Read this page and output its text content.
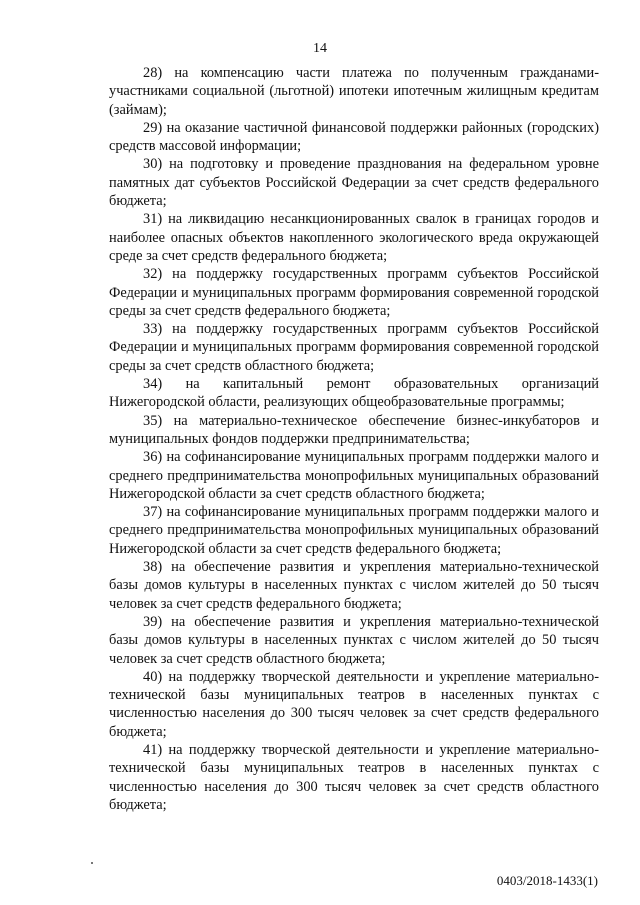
14

28) на компенсацию части платежа по полученным гражданами-участниками социальной (льготной) ипотеки ипотечным жилищным кредитам (займам);

29) на оказание частичной финансовой поддержки районных (городских) средств массовой информации;

30) на подготовку и проведение празднования на федеральном уровне памятных дат субъектов Российской Федерации за счет средств федерального бюджета;

31) на ликвидацию несанкционированных свалок в границах городов и наиболее опасных объектов накопленного экологического вреда окружающей среде за счет средств федерального бюджета;

32) на поддержку государственных программ субъектов Российской Федерации и муниципальных программ формирования современной городской среды за счет средств федерального бюджета;

33) на поддержку государственных программ субъектов Российской Федерации и муниципальных программ формирования современной городской среды за счет средств областного бюджета;

34) на капитальный ремонт образовательных организаций Нижегородской области, реализующих общеобразовательные программы;

35) на материально-техническое обеспечение бизнес-инкубаторов и муниципальных фондов поддержки предпринимательства;

36) на софинансирование муниципальных программ поддержки малого и среднего предпринимательства монопрофильных муниципальных образований Нижегородской области за счет средств областного бюджета;

37) на софинансирование муниципальных программ поддержки малого и среднего предпринимательства монопрофильных муниципальных образований Нижегородской области за счет средств федерального бюджета;

38) на обеспечение развития и укрепления материально-технической базы домов культуры в населенных пунктах с числом жителей до 50 тысяч человек за счет средств федерального бюджета;

39) на обеспечение развития и укрепления материально-технической базы домов культуры в населенных пунктах с числом жителей до 50 тысяч человек за счет средств областного бюджета;

40) на поддержку творческой деятельности и укрепление материально-технической базы муниципальных театров в населенных пунктах с численностью населения до 300 тысяч человек за счет средств федерального бюджета;

41) на поддержку творческой деятельности и укрепление материально-технической базы муниципальных театров в населенных пунктах с численностью населения до 300 тысяч человек за счет средств областного бюджета;

0403/2018-1433(1)
